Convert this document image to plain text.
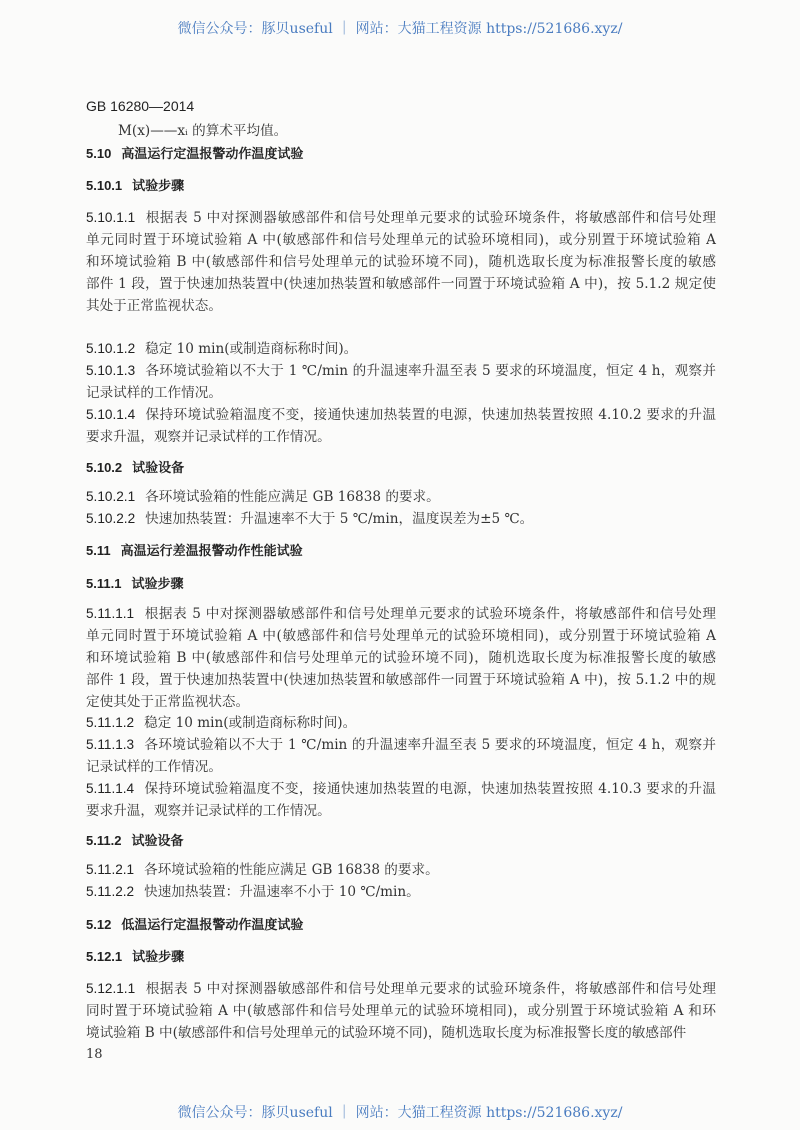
微信公众号：豚贝useful ｜ 网站：大猫工程资源 https://521686.xyz/
GB 16280—2014
M(x)——xᵢ 的算术平均值。
5.10 高温运行定温报警动作温度试验
5.10.1 试验步骤
5.10.1.1 根据表 5 中对探测器敏感部件和信号处理单元要求的试验环境条件，将敏感部件和信号处理
单元同时置于环境试验箱 A 中(敏感部件和信号处理单元的试验环境相同)，或分别置于环境试验箱 A
和环境试验箱 B 中(敏感部件和信号处理单元的试验环境不同)，随机选取长度为标准报警长度的敏感
部件 1 段，置于快速加热装置中(快速加热装置和敏感部件一同置于环境试验箱 A 中)，按 5.1.2 规定使
其处于正常监视状态。
5.10.1.2 稳定 10 min(或制造商标称时间)。
5.10.1.3 各环境试验箱以不大于 1 ℃/min 的升温速率升温至表 5 要求的环境温度，恒定 4 h，观察并
记录试样的工作情况。
5.10.1.4 保持环境试验箱温度不变，接通快速加热装置的电源，快速加热装置按照 4.10.2 要求的升温
要求升温，观察并记录试样的工作情况。
5.10.2 试验设备
5.10.2.1 各环境试验箱的性能应满足 GB 16838 的要求。
5.10.2.2 快速加热装置：升温速率不大于 5 ℃/min，温度误差为±5 ℃。
5.11 高温运行差温报警动作性能试验
5.11.1 试验步骤
5.11.1.1 根据表 5 中对探测器敏感部件和信号处理单元要求的试验环境条件，将敏感部件和信号处理
单元同时置于环境试验箱 A 中(敏感部件和信号处理单元的试验环境相同)，或分别置于环境试验箱 A
和环境试验箱 B 中(敏感部件和信号处理单元的试验环境不同)，随机选取长度为标准报警长度的敏感
部件 1 段，置于快速加热装置中(快速加热装置和敏感部件一同置于环境试验箱 A 中)，按 5.1.2 中的规
定使其处于正常监视状态。
5.11.1.2 稳定 10 min(或制造商标称时间)。
5.11.1.3 各环境试验箱以不大于 1 ℃/min 的升温速率升温至表 5 要求的环境温度，恒定 4 h，观察并
记录试样的工作情况。
5.11.1.4 保持环境试验箱温度不变，接通快速加热装置的电源，快速加热装置按照 4.10.3 要求的升温
要求升温，观察并记录试样的工作情况。
5.11.2 试验设备
5.11.2.1 各环境试验箱的性能应满足 GB 16838 的要求。
5.11.2.2 快速加热装置：升温速率不小于 10 ℃/min。
5.12 低温运行定温报警动作温度试验
5.12.1 试验步骤
5.12.1.1 根据表 5 中对探测器敏感部件和信号处理单元要求的试验环境条件，将敏感部件和信号处理
同时置于环境试验箱 A 中(敏感部件和信号处理单元的试验环境相同)，或分别置于环境试验箱 A 和环
境试验箱 B 中(敏感部件和信号处理单元的试验环境不同)，随机选取长度为标准报警长度的敏感部件
18
微信公众号：豚贝useful ｜ 网站：大猫工程资源 https://521686.xyz/
